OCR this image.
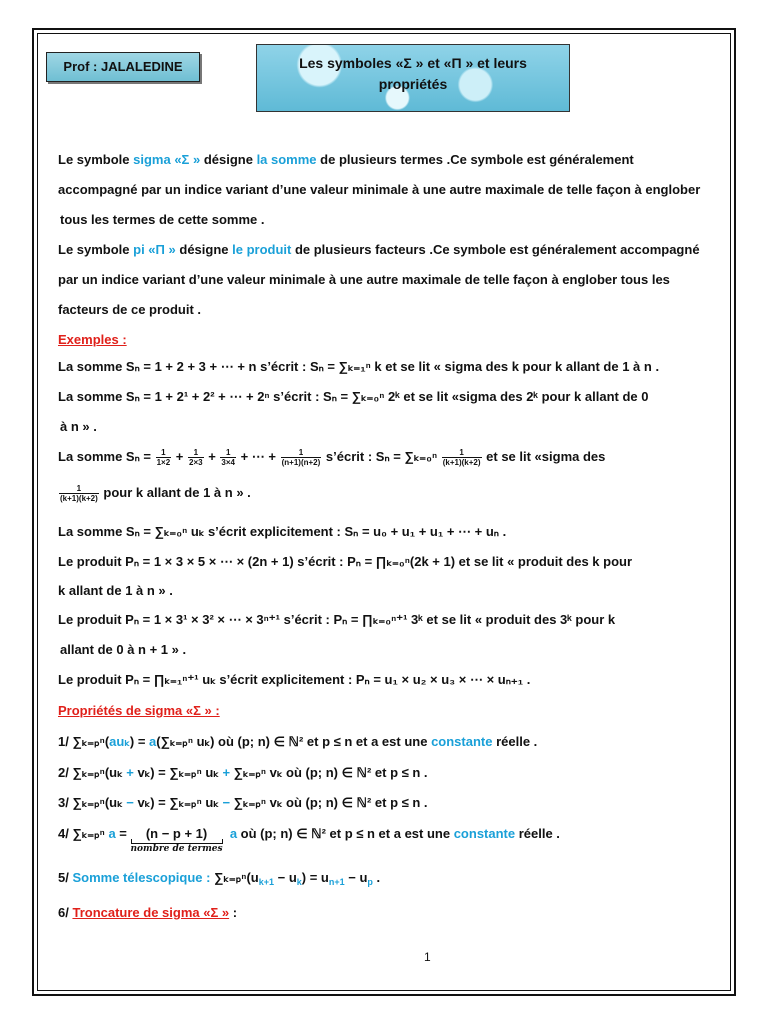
Prof : JALALEDINE	Les symboles «Σ » et «Π » et leurs
propriétés
Le symbole sigma «Σ » désigne la somme de plusieurs termes .Ce symbole est généralement
accompagné par un indice variant d’une valeur minimale à une autre maximale de telle façon à englober
tous les termes de cette somme .
Le symbole pi «Π » désigne le produit de plusieurs facteurs .Ce symbole est généralement accompagné
par un indice variant d’une valeur minimale à une autre maximale de telle façon à englober tous les
facteurs de ce produit .
Exemples :
La somme Sₙ = 1 + 2 + 3 + ⋯ + n s’écrit : Sₙ = ∑ₖ₌₁ⁿ k et se lit « sigma des k pour k allant de 1 à n .
La somme Sₙ = 1 + 2¹ + 2² + ⋯ + 2ⁿ s’écrit : Sₙ = ∑ₖ₌₀ⁿ 2ᵏ et se lit «sigma des 2ᵏ pour k allant de 0
à n » .
La somme $S_n = \frac{1}{1\times 2} + \frac{1}{2\times 3} + \frac{1}{3\times 4}$ + ⋯ + $\frac{1}{(n+1)(n+2)}$ s’écrit : $S_n = \sum_{k=0}^n \frac{1}{(k+1)(k+2)}$ et se lit «sigma des
$\frac{1}{(k+1)(k+2)}$ pour k allant de 1 à n » .
La somme Sₙ = ∑ₖ₌₀ⁿ uₖ s’écrit explicitement : Sₙ = u₀ + u₁ + u₁ + ⋯ + uₙ .
Le produit Pₙ = 1 × 3 × 5 × ⋯ × (2n + 1) s’écrit : Pₙ = ∏ₖ₌₀ⁿ(2k + 1) et se lit « produit des k pour
k allant de 1 à n » .
Le produit Pₙ = 1 × 3¹ × 3² × ⋯ × 3ⁿ⁺¹ s’écrit : Pₙ = ∏ₖ₌₀ⁿ⁺¹ 3ᵏ et se lit « produit des 3ᵏ pour k
allant de 0 à n + 1 » .
Le produit Pₙ = ∏ₖ₌₁ⁿ⁺¹ uₖ s’écrit explicitement : Pₙ = u₁ × u₂ × u₃ × ⋯ × uₙ₊₁ .
Propriétés de sigma «Σ » :
1/ ∑ₖ₌ₚⁿ(auₖ) = a(∑ₖ₌ₚⁿ uₖ) où (p; n) ∈ ℕ² et p ≤ n et a est une constante réelle .
2/ ∑ₖ₌ₚⁿ(uₖ + vₖ) = ∑ₖ₌ₚⁿ uₖ + ∑ₖ₌ₚⁿ vₖ où (p; n) ∈ ℕ² et p ≤ n .
3/ ∑ₖ₌ₚⁿ(uₖ − vₖ) = ∑ₖ₌ₚⁿ uₖ − ∑ₖ₌ₚⁿ vₖ où (p; n) ∈ ℕ² et p ≤ n .
4/ ∑ₖ₌ₚⁿ a = (n − p + 1)
nombre de termes
a où (p; n) ∈ ℕ² et p ≤ n et a est une constante réelle .
5/ Somme télescopique : $\sum_{k=p}^n(u_{k+1} - u_k) = u_{n+1} - u_p$ .
6/ Troncature de sigma «Σ » :
1
